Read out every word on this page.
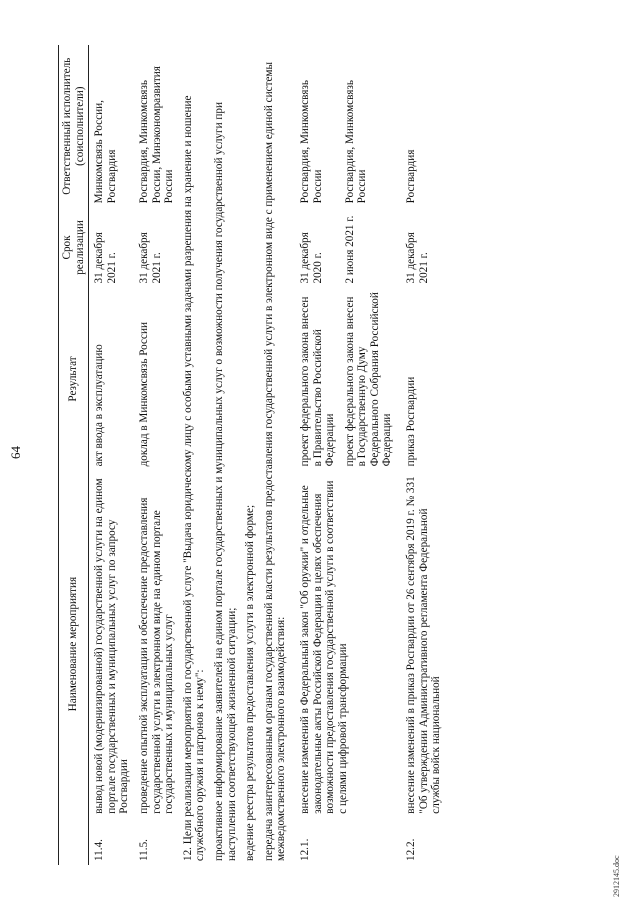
64
	Наименование мероприятия	Результат	Срок реализации	Ответственный исполнитель (соисполнители)
11.4.	вывод новой (модернизированной) государственной услуги на едином портале государственных и муниципальных услуг по запросу Росгвардии	акт ввода в эксплуатацию	31 декабря 2021 г.	Минкомсвязь России, Росгвардия
11.5.	проведение опытной эксплуатации и обеспечение предоставления государственной услуги в электронном виде на едином портале государственных и муниципальных услуг	доклад в Минкомсвязь России	31 декабря 2021 г.	Росгвардия, Минкомсвязь России, Минэкономразвития России
12. Цели реализации мероприятий по государственной услуге "Выдача юридическому лицу с особыми уставными задачами разрешения на хранение и ношение служебного оружия и патронов к нему":				
проактивное информирование заявителей на едином портале государственных и муниципальных услуг о возможности получения государственной услуги при наступлении соответствующей жизненной ситуации;				
ведение реестра результатов предоставления услуги в электронной форме;				
передача заинтересованным органам государственной власти результатов предоставления государственной услуги в электронном виде с применением единой системы межведомственного электронного взаимодействия:				
12.1.	внесение изменений в Федеральный закон "Об оружии" и отдельные законодательные акты Российской Федерации в целях обеспечения возможности предоставления государственной услуги в соответствии с целями цифровой трансформации	проект федерального закона внесен в Правительство Российской Федерации	31 декабря 2020 г.	Росгвардия, Минкомсвязь России
		проект федерального закона внесен в Государственную Думу Федерального Собрания Российской Федерации	2 июня 2021 г.	Росгвардия, Минкомсвязь России
12.2.	внесение изменений в приказ Росгвардии от 26 сентября 2019 г. № 331 "Об утверждении Административного регламента Федеральной службы войск национальной	приказ Росгвардии	31 декабря 2021 г.	Росгвардия
2912145.doc
